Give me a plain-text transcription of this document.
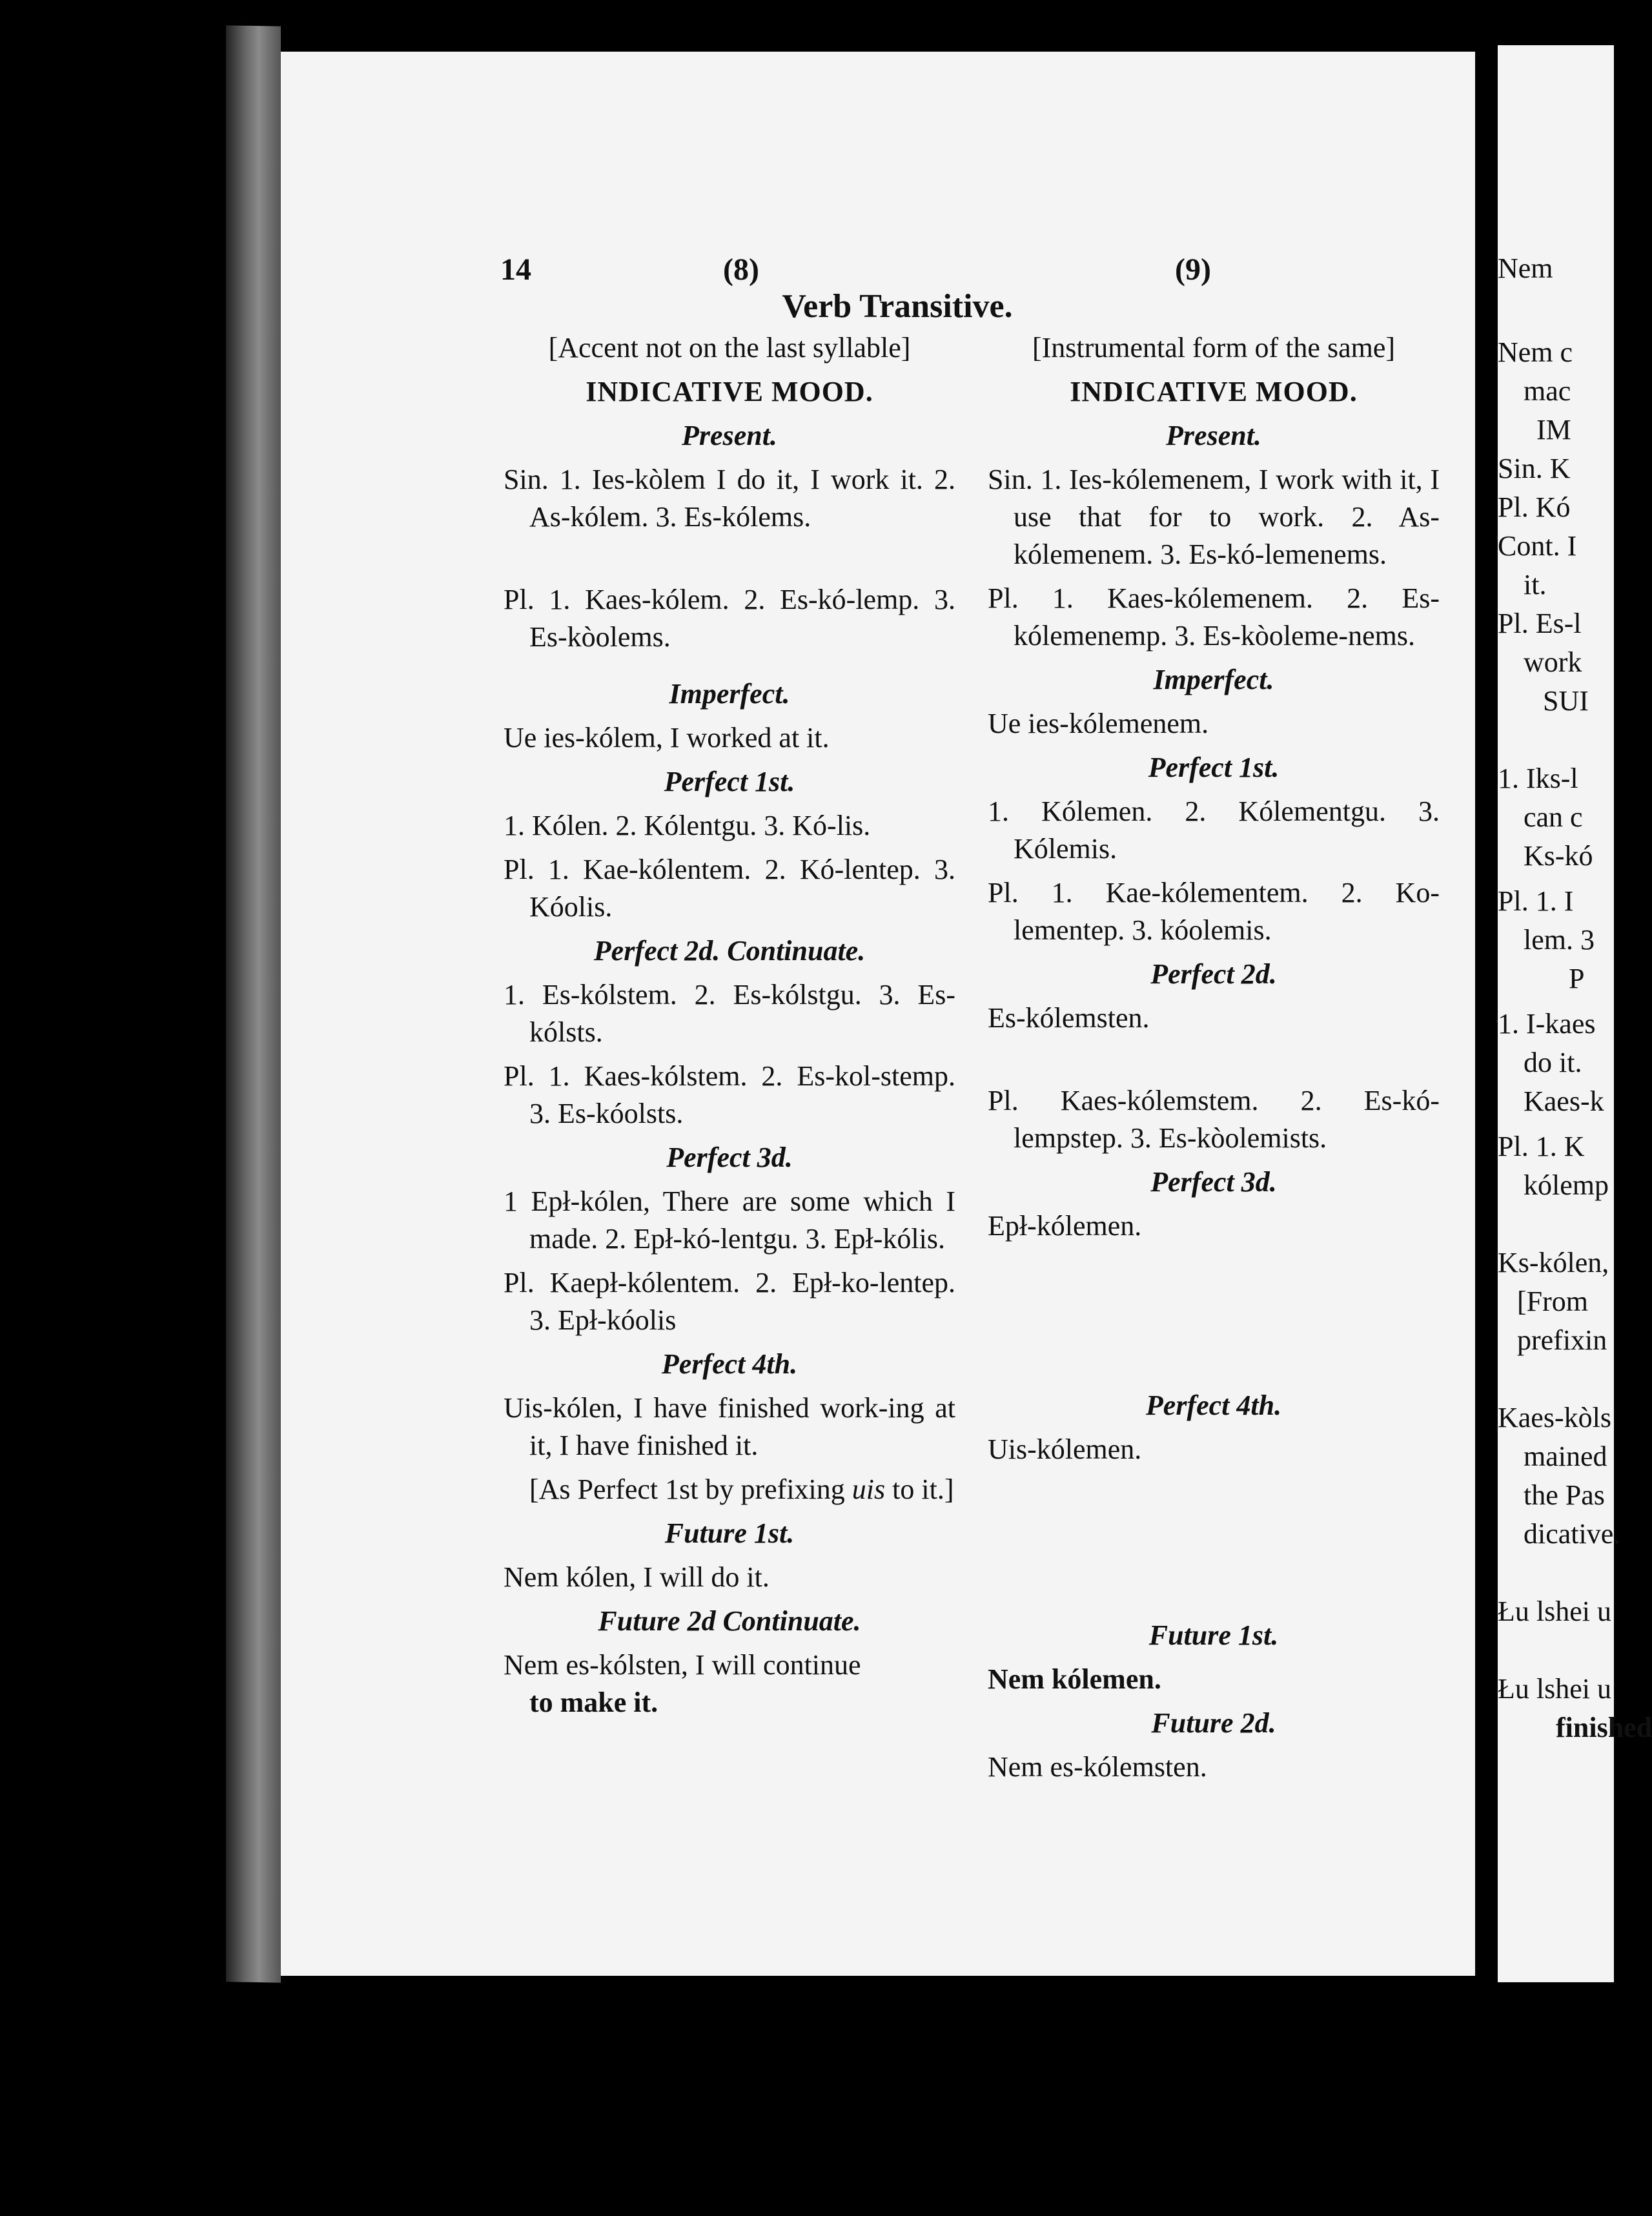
14	(8)	(9)
Verb Transitive.

[Accent not on the last syllable]

INDICATIVE MOOD.

Present.

Sin. 1. Ies-kòlem I do it, I work it. 2. As-kólem. 3. Es-kólems.

Pl. 1. Kaes-kólem. 2. Es-kó-lemp. 3. Es-kòolems.

Imperfect.

Ue ies-kólem, I worked at it.

Perfect 1st.

1. Kólen. 2. Kólentgu. 3. Kó-lis.

Pl. 1. Kae-kólentem. 2. Kó-lentep. 3. Kóolis.

Perfect 2d. Continuate.

1. Es-kólstem. 2. Es-kólstgu. 3. Es-kólsts.

Pl. 1. Kaes-kólstem. 2. Es-kol-stemp. 3. Es-kóolsts.

Perfect 3d.

1 Epł-kólen, There are some which I made. 2. Epł-kó-lentgu. 3. Epł-kólis.

Pl. Kaepł-kólentem. 2. Epł-ko-lentep. 3. Epł-kóolis

Perfect 4th.

Uis-kólen, I have finished work-ing at it, I have finished it.

[As Perfect 1st by prefixing uis to it.]

Future 1st.

Nem kólen, I will do it.

Future 2d Continuate.

Nem es-kólsten, I will continue

to make it.

[Instrumental form of the same]

INDICATIVE MOOD.

Present.

Sin. 1. Ies-kólemenem, I work with it, I use that for to work. 2. As-kólemenem. 3. Es-kó-lemenems.

Pl. 1. Kaes-kólemenem. 2. Es-kólemenemp. 3. Es-kòoleme-nems.

Imperfect.

Ue ies-kólemenem.

Perfect 1st.

1. Kólemen. 2. Kólementgu. 3. Kólemis.

Pl. 1. Kae-kólementem. 2. Ko-lementep. 3. kóolemis.

Perfect 2d.

Es-kólemsten.

Pl. Kaes-kólemstem. 2. Es-kó-lempstep. 3. Es-kòolemists.

Perfect 3d.

Epł-kólemen.

Perfect 4th.

Uis-kólemen.

Future 1st.

Nem kólemen.

Future 2d.

Nem es-kólemsten.

Nem
Nem c
mac
IM
Sin. K
Pl. Kó
Cont. I
it.
Pl. Es-l
work
SUI
1. Iks-l
can c
Ks-kó
Pl. 1. I
lem. 3
P
1. I-kaes
do it.
Kaes-k
Pl. 1. K
kólemp
Ks-kólen,
[From
prefixin
Kaes-kòls
mained
the Pas
dicative.
Łu lshei u
Łu lshei u
finished
